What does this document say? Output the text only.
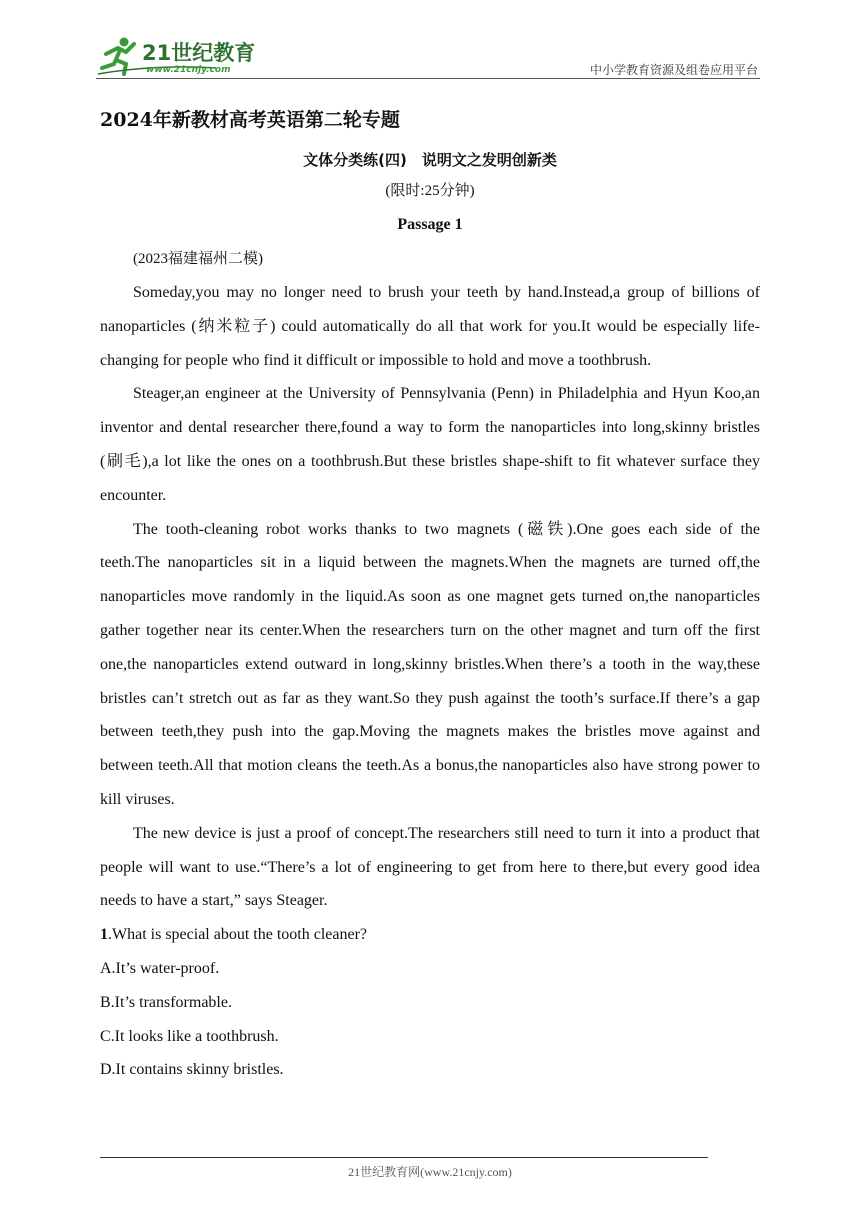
21世纪教育
www.21cnjy.com	中小学教育资源及组卷应用平台
2024年新教材高考英语第二轮专题
文体分类练(四)　说明文之发明创新类
(限时:25分钟)
Passage 1
(2023福建福州二模)

Someday,you may no longer need to brush your teeth by hand.Instead,a group of billions of nanoparticles (纳米粒子) could automatically do all that work for you.It would be especially life-changing for people who find it difficult or impossible to hold and move a toothbrush.

Steager,an engineer at the University of Pennsylvania (Penn) in Philadelphia and Hyun Koo,an inventor and dental researcher there,found a way to form the nanoparticles into long,skinny bristles (刷毛),a lot like the ones on a toothbrush.But these bristles shape-shift to fit whatever surface they encounter.

The tooth-cleaning robot works thanks to two magnets (磁铁).One goes each side of the teeth.The nanoparticles sit in a liquid between the magnets.When the magnets are turned off,the nanoparticles move randomly in the liquid.As soon as one magnet gets turned on,the nanoparticles gather together near its center.When the researchers turn on the other magnet and turn off the first one,the nanoparticles extend outward in long,skinny bristles.When there’s a tooth in the way,these bristles can’t stretch out as far as they want.So they push against the tooth’s surface.If there’s a gap between teeth,they push into the gap.Moving the magnets makes the bristles move against and between teeth.All that motion cleans the teeth.As a bonus,the nanoparticles also have strong power to kill viruses.

The new device is just a proof of concept.The researchers still need to turn it into a product that people will want to use.“There’s a lot of engineering to get from here to there,but every good idea needs to have a start,” says Steager.

1.What is special about the tooth cleaner?
A.It’s water-proof.
B.It’s transformable.
C.It looks like a toothbrush.
D.It contains skinny bristles.
21世纪教育网(www.21cnjy.com)
